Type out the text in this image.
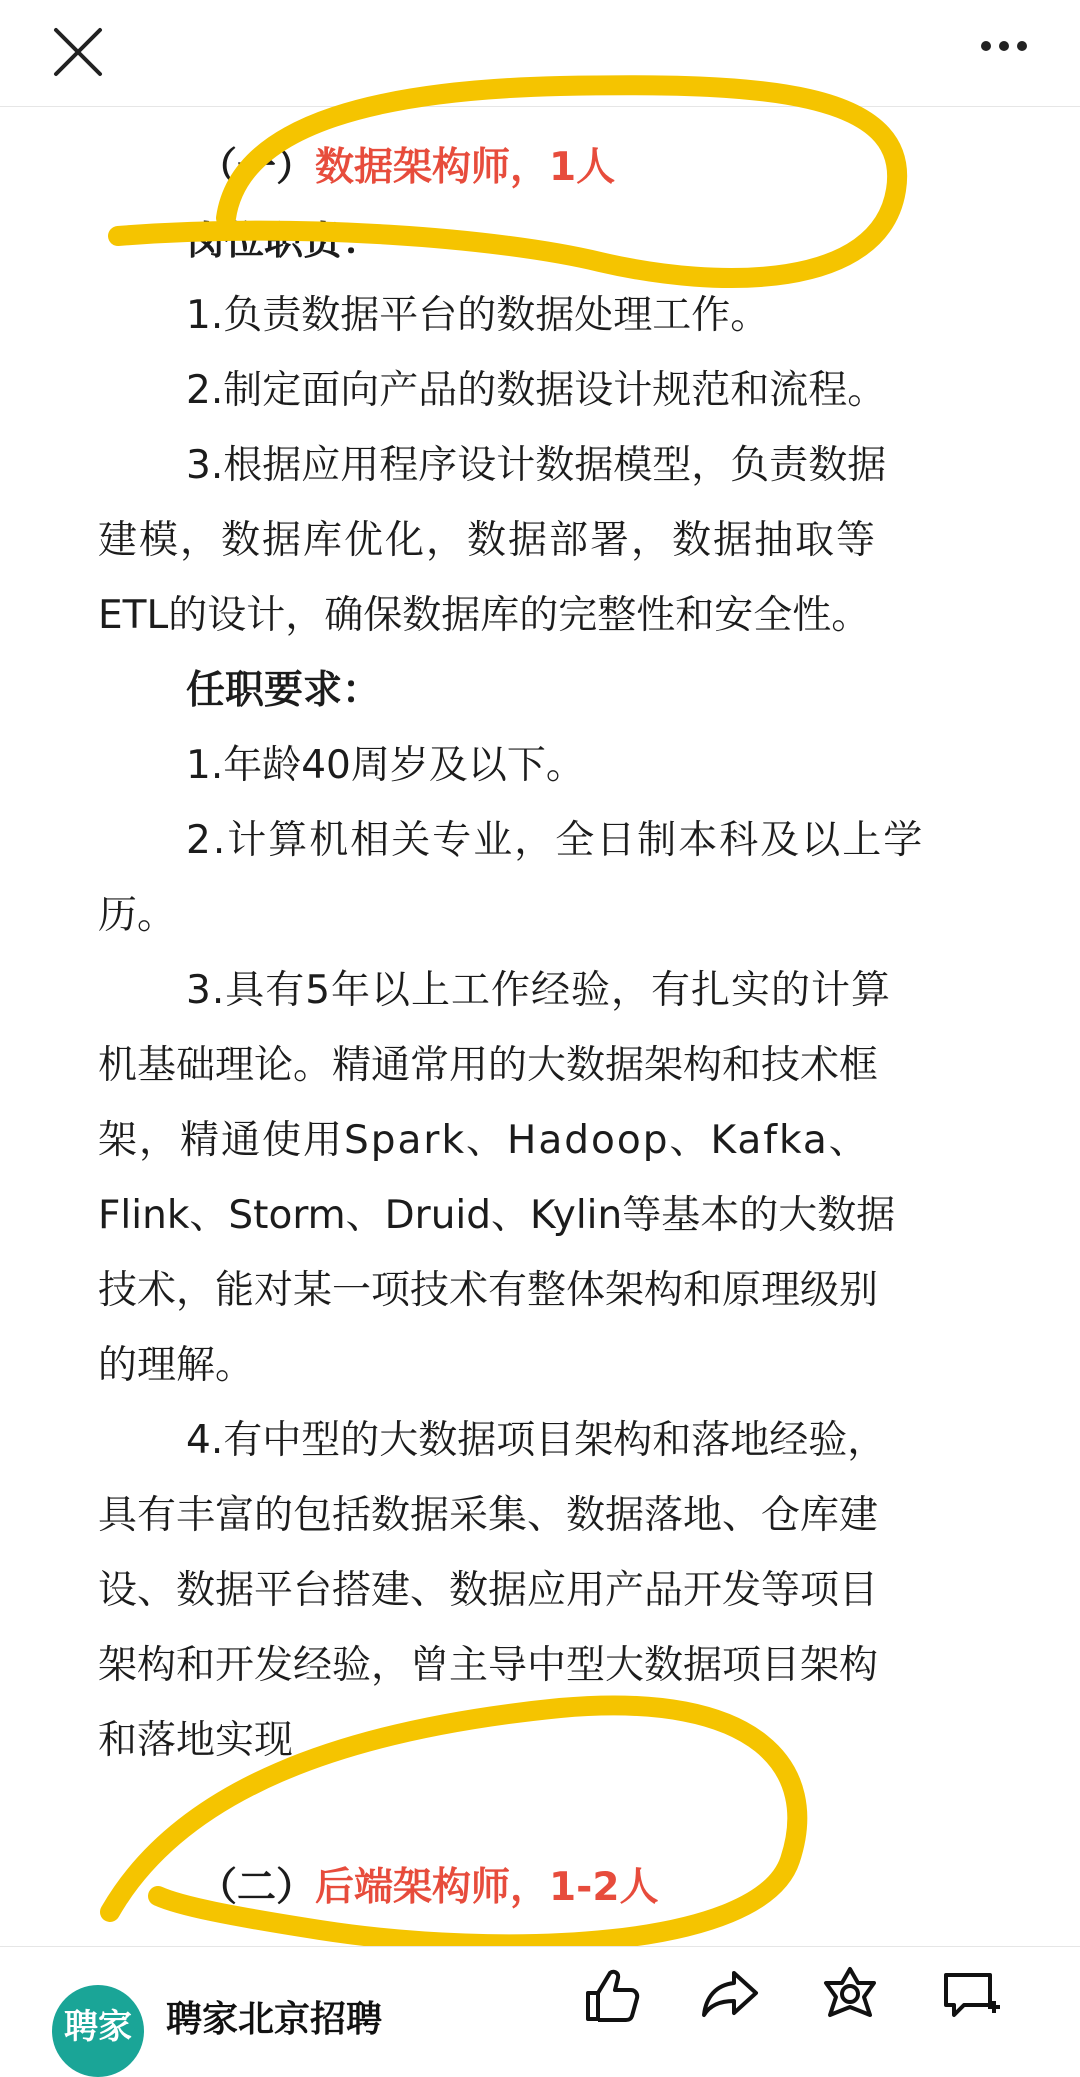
（一）数据架构师，1人
岗位职责：
1.负责数据平台的数据处理工作。
2.制定面向产品的数据设计规范和流程。
3.根据应用程序设计数据模型，负责数据
建模，数据库优化，数据部署，数据抽取等
ETL的设计，确保数据库的完整性和安全性。
任职要求：
1.年龄40周岁及以下。
2.计算机相关专业，全日制本科及以上学
历。
3.具有5年以上工作经验，有扎实的计算
机基础理论。精通常用的大数据架构和技术框
架，精通使用Spark、Hadoop、Kafka、
Flink、Storm、Druid、Kylin等基本的大数据
技术，能对某一项技术有整体架构和原理级别
的理解。
4.有中型的大数据项目架构和落地经验，
具有丰富的包括数据采集、数据落地、仓库建
设、数据平台搭建、数据应用产品开发等项目
架构和开发经验，曾主导中型大数据项目架构
和落地实现
（二）后端架构师，1-2人
聘家 聘家北京招聘
